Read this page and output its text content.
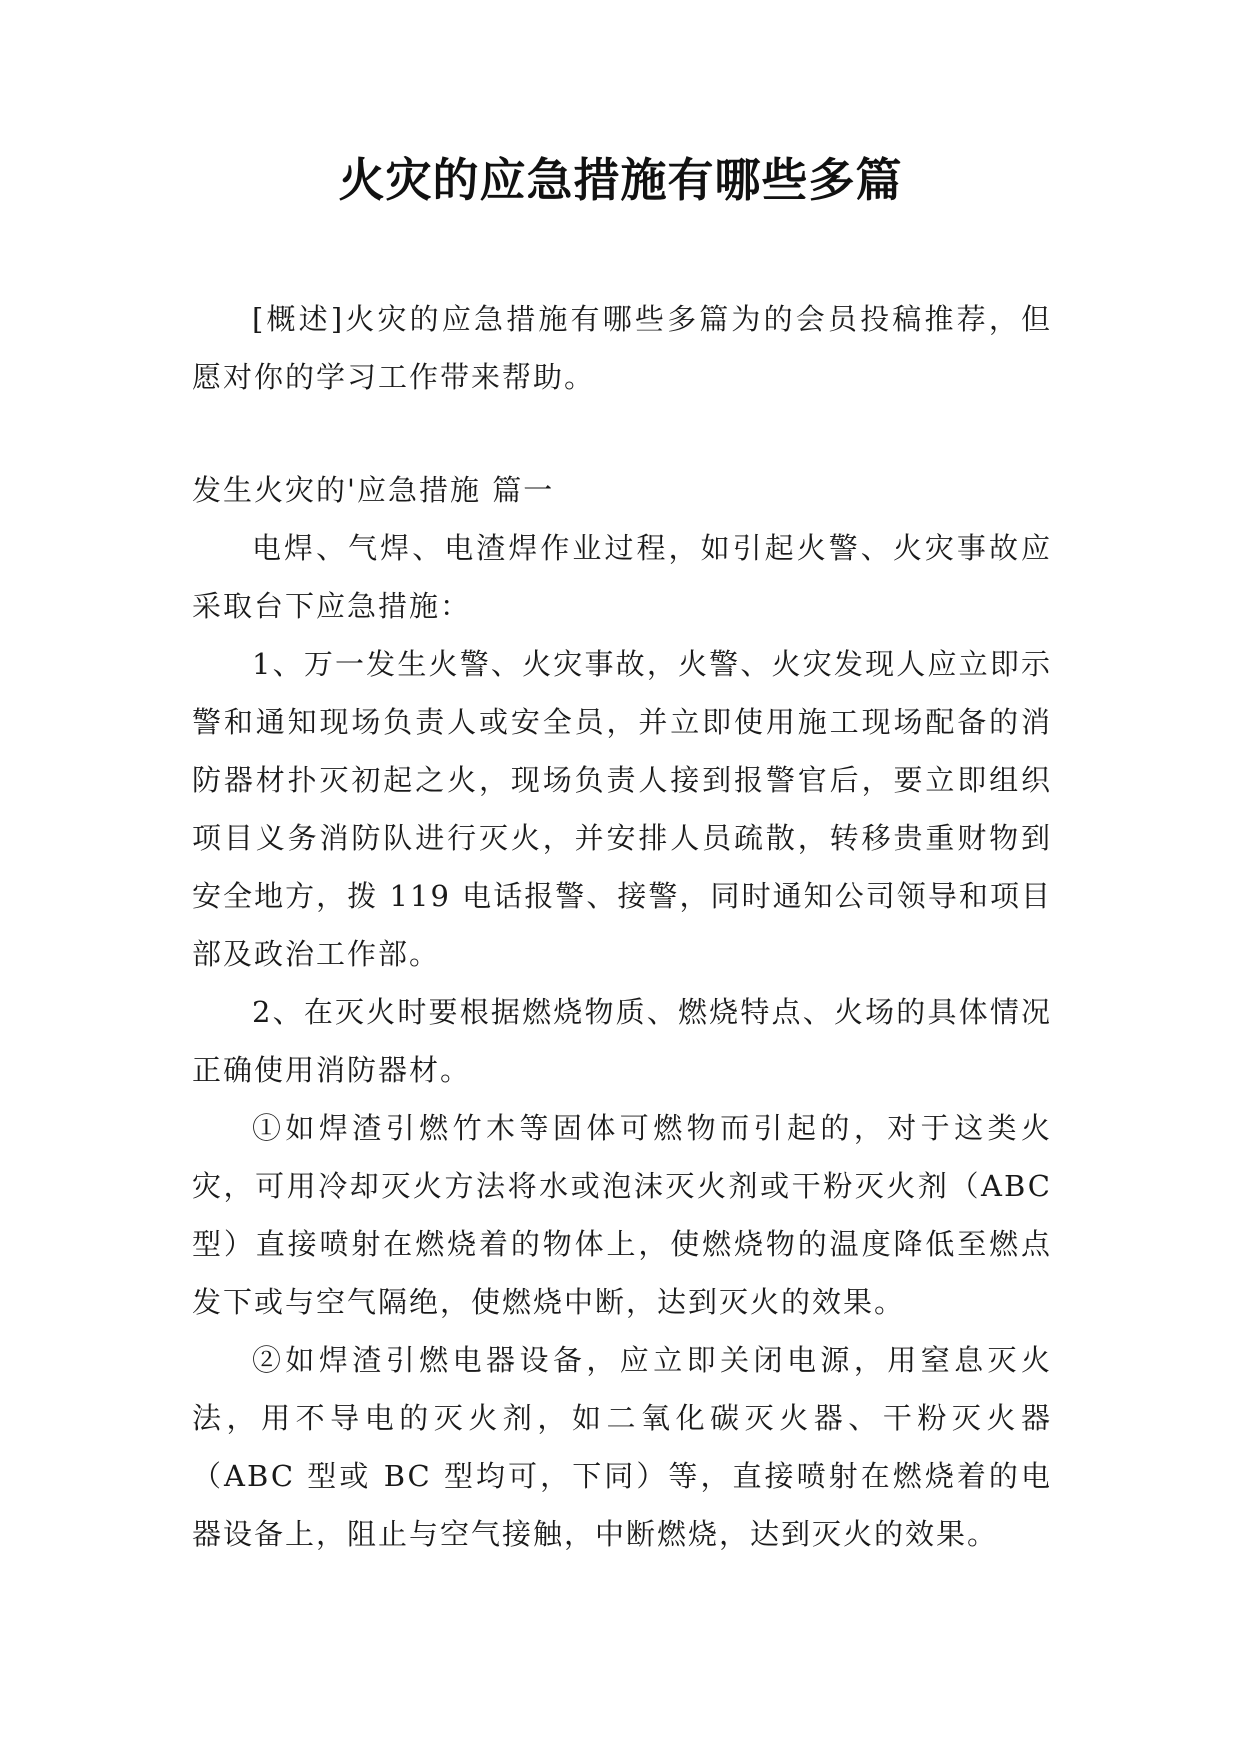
火灾的应急措施有哪些多篇

[概述]火灾的应急措施有哪些多篇为的会员投稿推荐，但愿对你的学习工作带来帮助。

发生火灾的'应急措施 篇一

电焊、气焊、电渣焊作业过程，如引起火警、火灾事故应采取台下应急措施：

1、万一发生火警、火灾事故，火警、火灾发现人应立即示警和通知现场负责人或安全员，并立即使用施工现场配备的消防器材扑灭初起之火，现场负责人接到报警官后，要立即组织项目义务消防队进行灭火，并安排人员疏散，转移贵重财物到安全地方，拨 119 电话报警、接警，同时通知公司领导和项目部及政治工作部。

2、在灭火时要根据燃烧物质、燃烧特点、火场的具体情况正确使用消防器材。

①如焊渣引燃竹木等固体可燃物而引起的，对于这类火灾，可用冷却灭火方法将水或泡沫灭火剂或干粉灭火剂（ABC 型）直接喷射在燃烧着的物体上，使燃烧物的温度降低至燃点发下或与空气隔绝，使燃烧中断，达到灭火的效果。

②如焊渣引燃电器设备，应立即关闭电源，用窒息灭火法，用不导电的灭火剂，如二氧化碳灭火器、干粉灭火器（ABC 型或 BC 型均可，下同）等，直接喷射在燃烧着的电器设备上，阻止与空气接触，中断燃烧，达到灭火的效果。
